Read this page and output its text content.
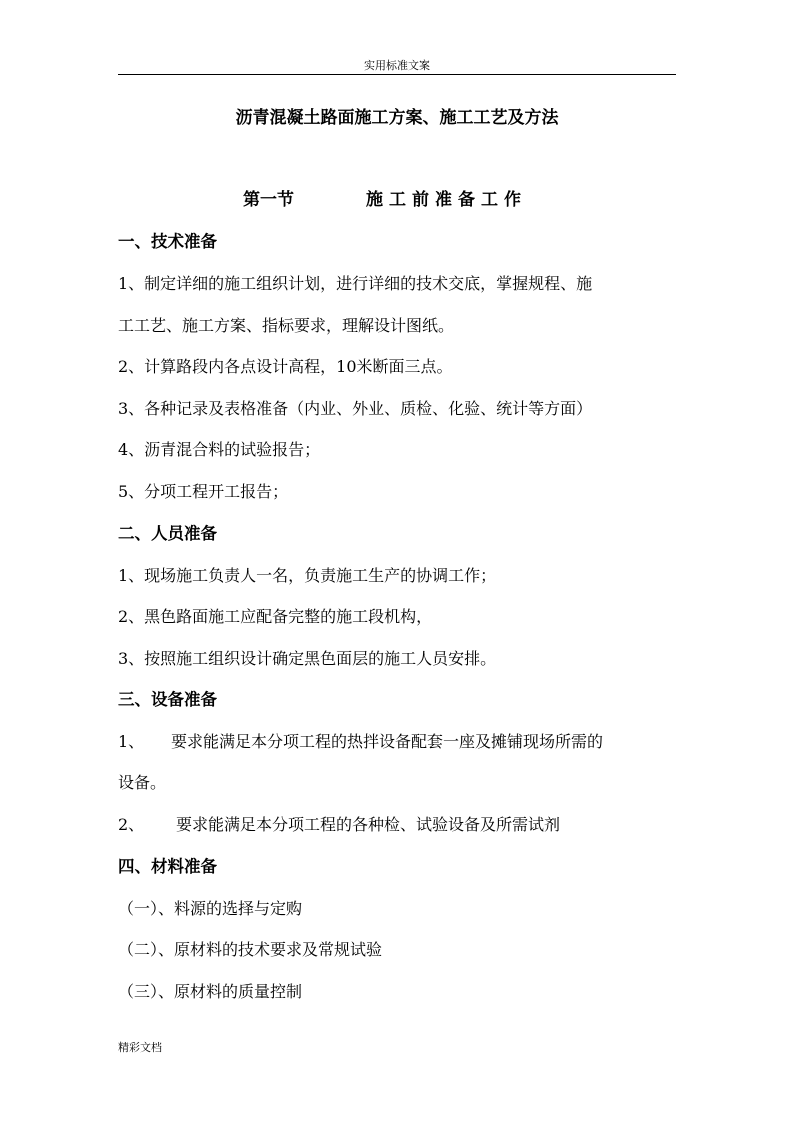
实用标准文案
沥青混凝土路面施工方案、施工工艺及方法
第一节	施工前准备工作
一、技术准备
1、制定详细的施工组织计划，进行详细的技术交底，掌握规程、施
工工艺、施工方案、指标要求，理解设计图纸。
2、计算路段内各点设计高程，10米断面三点。
3、各种记录及表格准备（内业、外业、质检、化验、统计等方面）
4、沥青混合料的试验报告；
5、分项工程开工报告；
二、人员准备
1、现场施工负责人一名，负责施工生产的协调工作；
2、黑色路面施工应配备完整的施工段机构，
3、按照施工组织设计确定黑色面层的施工人员安排。
三、设备准备
1、 要求能满足本分项工程的热拌设备配套一座及摊铺现场所需的
设备。
2、 要求能满足本分项工程的各种检、试验设备及所需试剂
四、材料准备
（一）、料源的选择与定购
（二）、原材料的技术要求及常规试验
（三）、原材料的质量控制
精彩文档
